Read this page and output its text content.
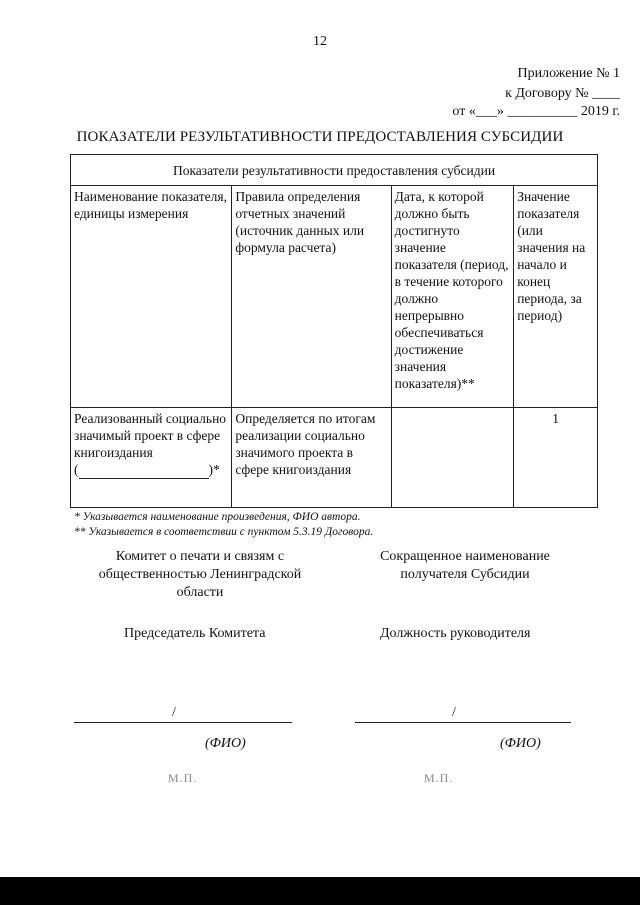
12
Приложение № 1
к Договору № ____
от «___» __________ 2019 г.
ПОКАЗАТЕЛИ РЕЗУЛЬТАТИВНОСТИ ПРЕДОСТАВЛЕНИЯ СУБСИДИИ
Показатели результативности предоставления субсидии			
Наименование показателя, единицы измерения	Правила определения отчетных значений (источник данных или формула расчета)	Дата, к которой должно быть достигнуто значение показателя (период, в течение которого должно непрерывно обеспечиваться достижение значения показателя)**	Значение показателя (или значения на начало и конец периода, за период)
Реализованный социально значимый проект в сфере книгоиздания
( )*	Определяется по итогам реализации социально значимого проекта в сфере книгоиздания		1
* Указывается наименование произведения, ФИО автора.
** Указывается в соответствии с пунктом 5.3.19 Договора.
Комитет о печати и связям с общественностью Ленинградской области
Сокращенное наименование получателя Субсидии
Председатель Комитета	Должность руководителя
/	/
(ФИО)	(ФИО)
М.П.	М.П.
